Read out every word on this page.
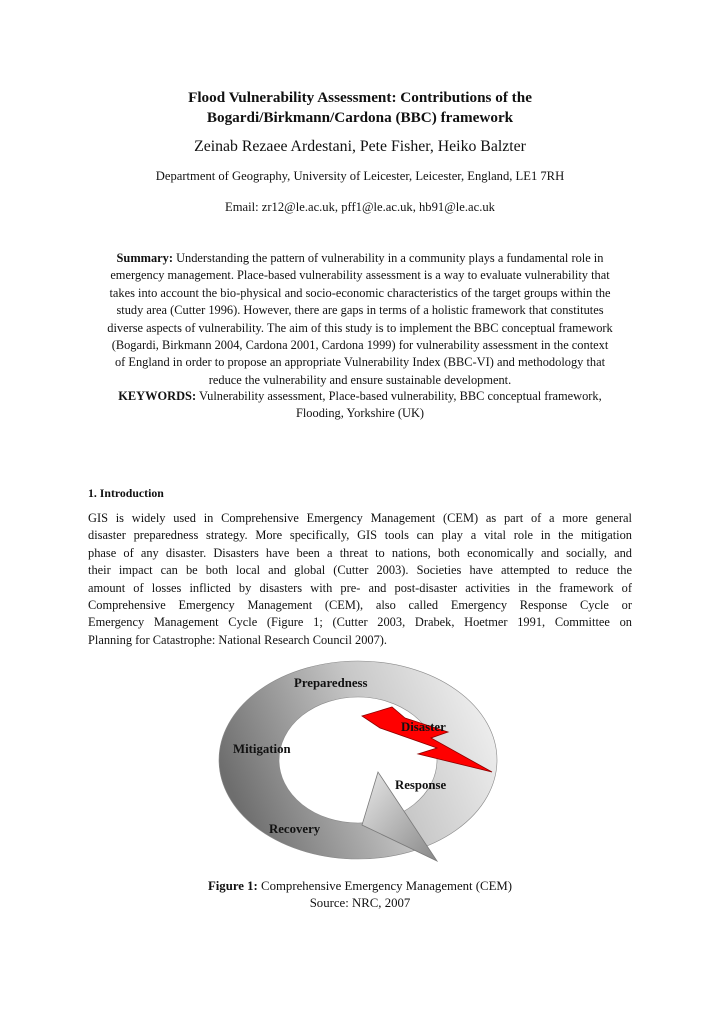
Flood Vulnerability Assessment: Contributions of the
Bogardi/Birkmann/Cardona (BBC) framework
Zeinab Rezaee Ardestani, Pete Fisher, Heiko Balzter
Department of Geography, University of Leicester, Leicester, England, LE1 7RH
Email: zr12@le.ac.uk, pff1@le.ac.uk, hb91@le.ac.uk
Summary: Understanding the pattern of vulnerability in a community plays a fundamental role in
emergency management. Place-based vulnerability assessment is a way to evaluate vulnerability that
takes into account the bio-physical and socio-economic characteristics of the target groups within the
study area (Cutter 1996). However, there are gaps in terms of a holistic framework that constitutes
diverse aspects of vulnerability. The aim of this study is to implement the BBC conceptual framework
(Bogardi, Birkmann 2004, Cardona 2001, Cardona 1999) for vulnerability assessment in the context
of England in order to propose an appropriate Vulnerability Index (BBC-VI) and methodology that
reduce the vulnerability and ensure sustainable development.
KEYWORDS: Vulnerability assessment, Place-based vulnerability, BBC conceptual framework,
Flooding, Yorkshire (UK)
1. Introduction
GIS is widely used in Comprehensive Emergency Management (CEM) as part of a more general
disaster preparedness strategy. More specifically, GIS tools can play a vital role in the mitigation
phase of any disaster. Disasters have been a threat to nations, both economically and socially, and
their impact can be both local and global (Cutter 2003). Societies have attempted to reduce the
amount of losses inflicted by disasters with pre- and post-disaster activities in the framework of
Comprehensive Emergency Management (CEM), also called Emergency Response Cycle or
Emergency Management Cycle (Figure 1; (Cutter 2003, Drabek, Hoetmer 1991, Committee on
Planning for Catastrophe: National Research Council 2007).
Preparedness
Disaster
Mitigation
Response
Recovery
Figure 1: Comprehensive Emergency Management (CEM)
Source: NRC, 2007
